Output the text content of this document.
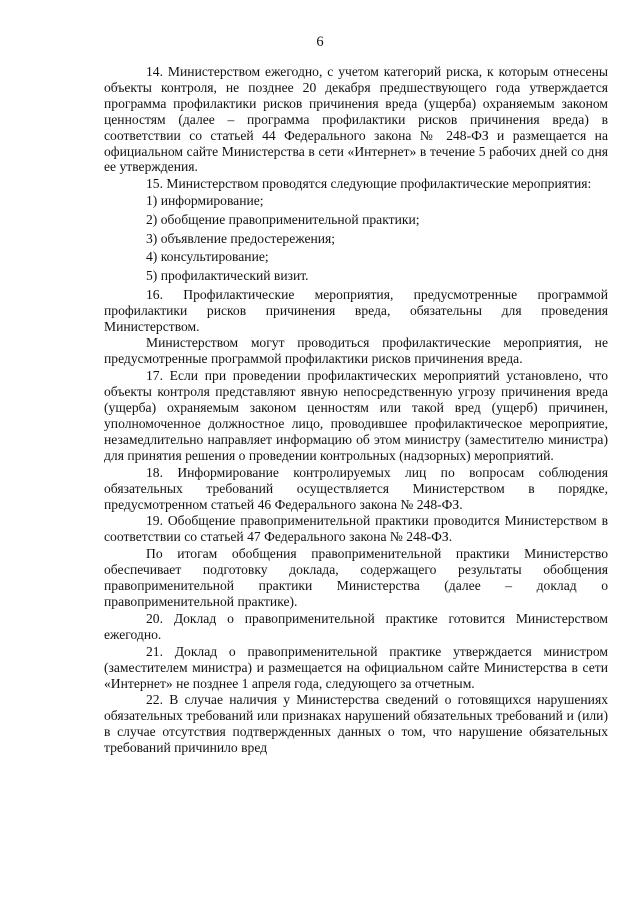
6

14. Министерством ежегодно, с учетом категорий риска, к которым отнесены объекты контроля, не позднее 20 декабря предшествующего года утверждается программа профилактики рисков причинения вреда (ущерба) охраняемым законом ценностям (далее – программа профилактики рисков причинения вреда) в соответствии со статьей 44 Федерального закона № 248-ФЗ и размещается на официальном сайте Министерства в сети «Интернет» в течение 5 рабочих дней со дня ее утверждения.

15. Министерством проводятся следующие профилактические мероприятия:

1) информирование;

2) обобщение правоприменительной практики;

3) объявление предостережения;

4) консультирование;

5) профилактический визит.

16. Профилактические мероприятия, предусмотренные программой профилактики рисков причинения вреда, обязательны для проведения Министерством.

Министерством могут проводиться профилактические мероприятия, не предусмотренные программой профилактики рисков причинения вреда.

17. Если при проведении профилактических мероприятий установлено, что объекты контроля представляют явную непосредственную угрозу причинения вреда (ущерба) охраняемым законом ценностям или такой вред (ущерб) причинен, уполномоченное должностное лицо, проводившее профилактическое мероприятие, незамедлительно направляет информацию об этом министру (заместителю министра) для принятия решения о проведении контрольных (надзорных) мероприятий.

18. Информирование контролируемых лиц по вопросам соблюдения обязательных требований осуществляется Министерством в порядке, предусмотренном статьей 46 Федерального закона № 248-ФЗ.

19. Обобщение правоприменительной практики проводится Министерством в соответствии со статьей 47 Федерального закона № 248-ФЗ.

По итогам обобщения правоприменительной практики Министерство обеспечивает подготовку доклада, содержащего результаты обобщения правоприменительной практики Министерства (далее – доклад о правоприменительной практике).

20. Доклад о правоприменительной практике готовится Министерством ежегодно.

21. Доклад о правоприменительной практике утверждается министром (заместителем министра) и размещается на официальном сайте Министерства в сети «Интернет» не позднее 1 апреля года, следующего за отчетным.

22. В случае наличия у Министерства сведений о готовящихся нарушениях обязательных требований или признаках нарушений обязательных требований и (или) в случае отсутствия подтвержденных данных о том, что нарушение обязательных требований причинило вред
